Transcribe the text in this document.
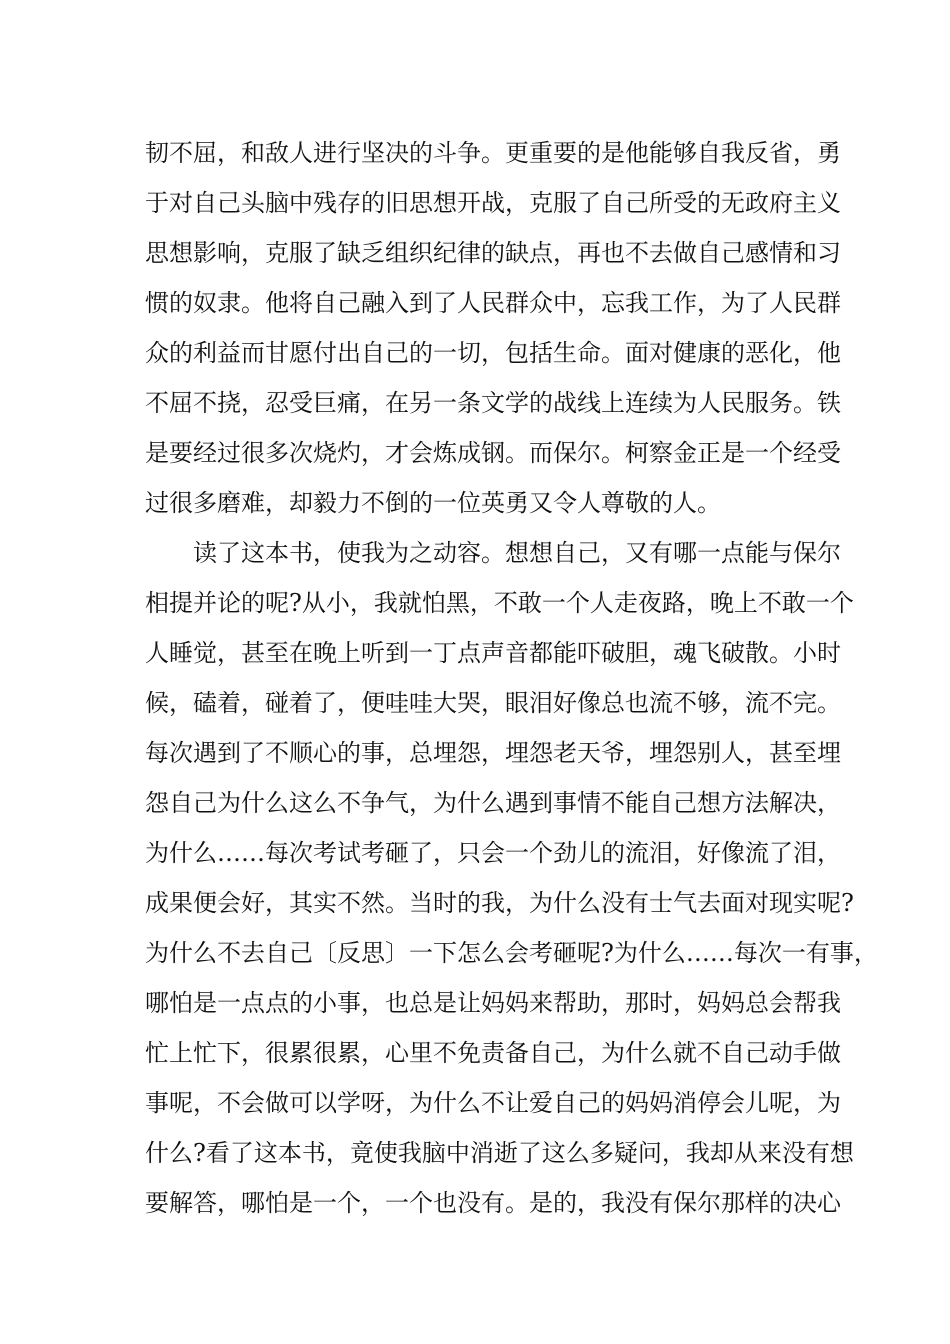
韧不屈，和敌人进行坚决的斗争。更重要的是他能够自我反省，勇
于对自己头脑中残存的旧思想开战，克服了自己所受的无政府主义
思想影响，克服了缺乏组织纪律的缺点，再也不去做自己感情和习
惯的奴隶。他将自己融入到了人民群众中，忘我工作，为了人民群
众的利益而甘愿付出自己的一切，包括生命。面对健康的恶化，他
不屈不挠，忍受巨痛，在另一条文学的战线上连续为人民服务。铁
是要经过很多次烧灼，才会炼成钢。而保尔。柯察金正是一个经受
过很多磨难，却毅力不倒的一位英勇又令人尊敬的人。
读了这本书，使我为之动容。想想自己，又有哪一点能与保尔
相提并论的呢?从小，我就怕黑，不敢一个人走夜路，晚上不敢一个
人睡觉，甚至在晚上听到一丁点声音都能吓破胆，魂飞破散。小时
候，磕着，碰着了，便哇哇大哭，眼泪好像总也流不够，流不完。
每次遇到了不顺心的事，总埋怨，埋怨老天爷，埋怨别人，甚至埋
怨自己为什么这么不争气，为什么遇到事情不能自己想方法解决，
为什么……每次考试考砸了，只会一个劲儿的流泪，好像流了泪，
成果便会好，其实不然。当时的我，为什么没有士气去面对现实呢?
为什么不去自己〔反思〕一下怎么会考砸呢?为什么……每次一有事，
哪怕是一点点的小事，也总是让妈妈来帮助，那时，妈妈总会帮我
忙上忙下，很累很累，心里不免责备自己，为什么就不自己动手做
事呢，不会做可以学呀，为什么不让爱自己的妈妈消停会儿呢，为
什么?看了这本书，竟使我脑中消逝了这么多疑问，我却从来没有想
要解答，哪怕是一个，一个也没有。是的，我没有保尔那样的决心
